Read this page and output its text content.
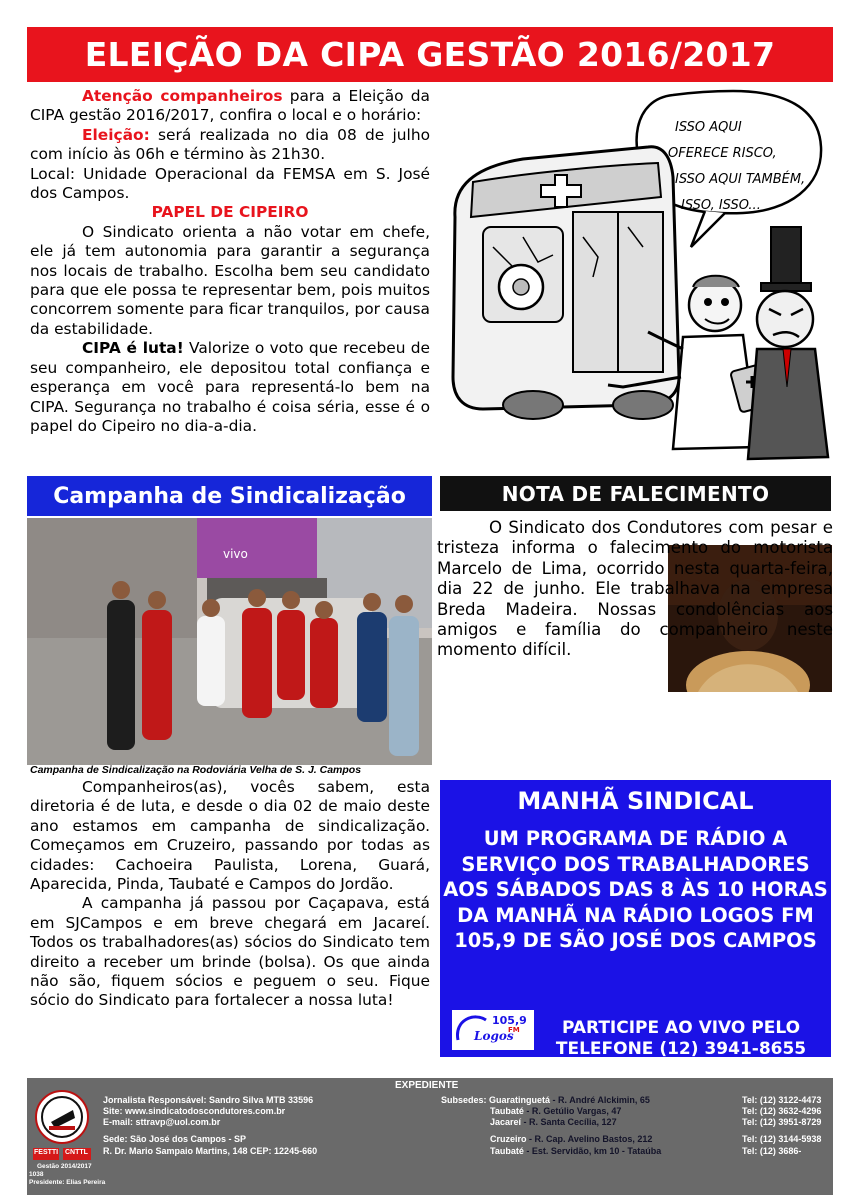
ELEIÇÃO DA CIPA GESTÃO 2016/2017

Atenção companheiros para a Eleição da CIPA gestão 2016/2017, confira o local e o horário:

Eleição: será realizada no dia 08 de julho com início às 06h e término às 21h30.

Local: Unidade Operacional da FEMSA em S. José dos Campos.

PAPEL DE CIPEIRO

O Sindicato orienta a não votar em chefe, ele já tem autonomia para garantir a segurança nos locais de trabalho. Escolha bem seu candidato para que ele possa te representar bem, pois muitos concorrem somente para ficar tranquilos, por causa da estabilidade.

CIPA é luta! Valorize o voto que recebeu de seu companheiro, ele depositou total confiança e esperança em você para representá-lo bem na CIPA. Segurança no trabalho é coisa séria, esse é o papel do Cipeiro no dia-a-dia.

ISSO AQUI
OFERECE RISCO,
ISSO AQUI TAMBÉM,
ISSO, ISSO...
Campanha de Sindicalização	NOTA DE FALECIMENTO
vivo
Campanha de Sindicalização na Rodoviária Velha de S. J. Campos

Companheiros(as), vocês sabem, esta diretoria é de luta, e desde o dia 02 de maio deste ano estamos em campanha de sindicalização. Começamos em Cruzeiro, passando por todas as cidades: Cachoeira Paulista, Lorena, Guará, Aparecida, Pinda, Taubaté e Campos do Jordão.

A campanha já passou por Caçapava, está em SJCampos e em breve chegará em Jacareí. Todos os trabalhadores(as) sócios do Sindicato tem direito a receber um brinde (bolsa). Os que ainda não são, fiquem sócios e peguem o seu. Fique sócio do Sindicato para fortalecer a nossa luta!

O Sindicato dos Condutores com pesar e tristeza informa o falecimento do motorista Marcelo de Lima, ocorrido nesta quarta-feira, dia 22 de junho. Ele trabalhava na empresa Breda Madeira. Nossas condolências aos amigos e família do companheiro neste momento difícil.

MANHÃ SINDICAL
UM PROGRAMA DE RÁDIO A SERVIÇO DOS TRABALHADORES AOS SÁBADOS DAS 8 ÀS 10 HORAS DA MANHÃ NA RÁDIO LOGOS FM 105,9 DE SÃO JOSÉ DOS CAMPOS
105,9
FM
Logos	PARTICIPE AO VIVO PELO
TELEFONE (12) 3941-8655
EXPEDIENTE
FESTTI CNTTL
Jornalista Responsável: Sandro Silva MTB 33596
Site: www.sindicatodoscondutores.com.br
E-mail: sttravp@uol.com.br
Sede: São José dos Campos - SP
R. Dr. Mario Sampaio Martins, 148 CEP: 12245-660
Gestão 2014/2017
1038
Presidente: Elias Pereira
Subsedes: Guaratinguetá - R. André Alckimin, 65
Taubaté - R. Getúlio Vargas, 47
Jacareí - R. Santa Cecília, 127
Cruzeiro - R. Cap. Avelino Bastos, 212
Taubaté - Est. Servidão, km 10 - Tataúba
Tel: (12) 3122-4473
Tel: (12) 3632-4296
Tel: (12) 3951-8729
Tel: (12) 3144-5938
Tel: (12) 3686-
